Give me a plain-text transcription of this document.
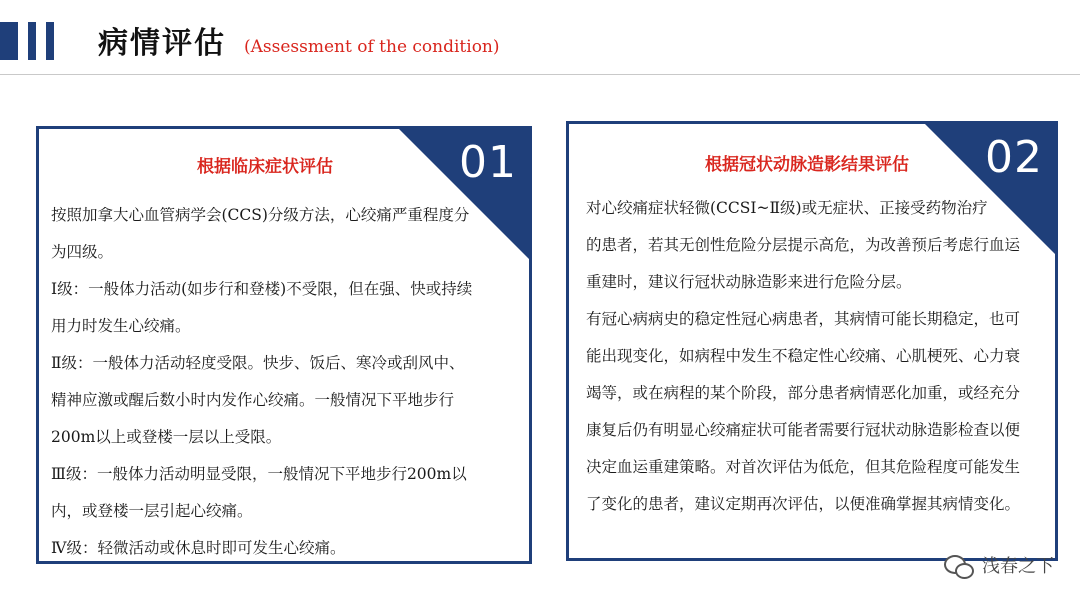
病情评估 (Assessment of the condition)
01
根据临床症状评估
按照加拿大心血管病学会(CCS)分级方法，心绞痛严重程度分
为四级。
I级：一般体力活动(如步行和登楼)不受限，但在强、快或持续
用力时发生心绞痛。
Ⅱ级：一般体力活动轻度受限。快步、饭后、寒冷或刮风中、
精神应激或醒后数小时内发作心绞痛。一般情况下平地步行
200m以上或登楼一层以上受限。
Ⅲ级：一般体力活动明显受限，一般情况下平地步行200m以
内，或登楼一层引起心绞痛。
Ⅳ级：轻微活动或休息时即可发生心绞痛。
02
根据冠状动脉造影结果评估
对心绞痛症状轻微(CCSI~Ⅱ级)或无症状、正接受药物治疗
的患者，若其无创性危险分层提示高危，为改善预后考虑行血运
重建时，建议行冠状动脉造影来进行危险分层。
有冠心病病史的稳定性冠心病患者，其病情可能长期稳定，也可
能出现变化，如病程中发生不稳定性心绞痛、心肌梗死、心力衰
竭等，或在病程的某个阶段，部分患者病情恶化加重，或经充分
康复后仍有明显心绞痛症状可能者需要行冠状动脉造影检查以便
决定血运重建策略。对首次评估为低危，但其危险程度可能发生
了变化的患者，建议定期再次评估，以便准确掌握其病情变化。
浅春之下
